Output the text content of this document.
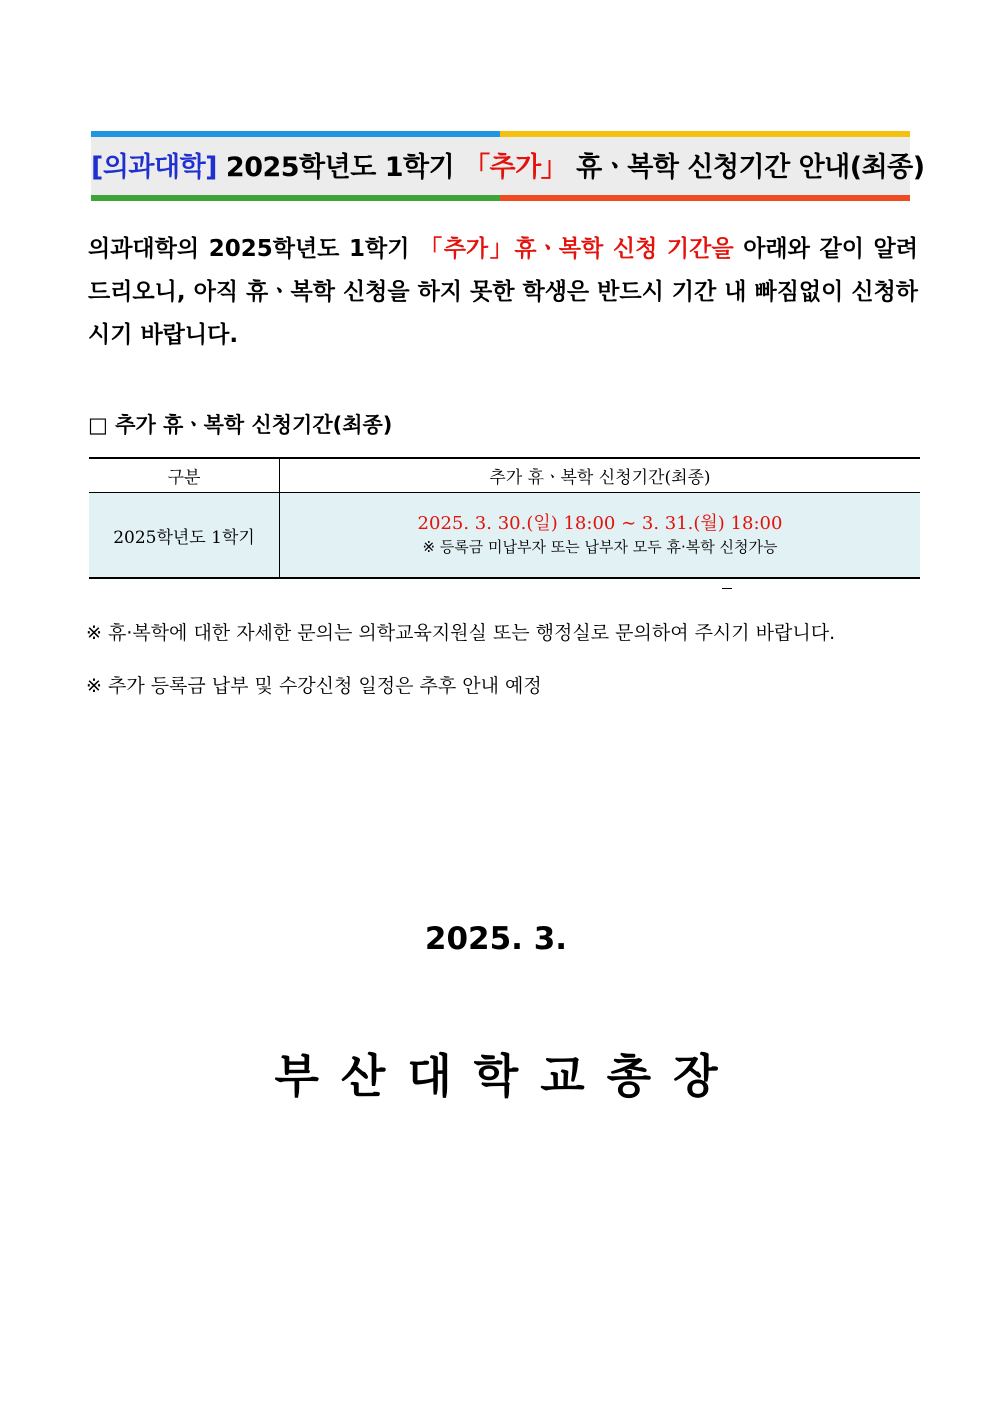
[의과대학] 2025학년도 1학기 「추가」 휴ㆍ복학 신청기간 안내(최종)
의과대학의 2025학년도 1학기 「추가」휴ㆍ복학 신청 기간을 아래와 같이 알려드리오니, 아직 휴ㆍ복학 신청을 하지 못한 학생은 반드시 기간 내 빠짐없이 신청하시기 바랍니다.
□ 추가 휴ㆍ복학 신청기간(최종)
구분	추가 휴ㆍ복학 신청기간(최종)
2025학년도 1학기	2025. 3. 30.(일) 18:00 ∼ 3. 31.(월) 18:00
※ 등록금 미납부자 또는 납부자 모두 휴·복학 신청가능
※ 휴·복학에 대한 자세한 문의는 의학교육지원실 또는 행정실로 문의하여 주시기 바랍니다.
※ 추가 등록금 납부 및 수강신청 일정은 추후 안내 예정
2025. 3.
부산대학교총장
